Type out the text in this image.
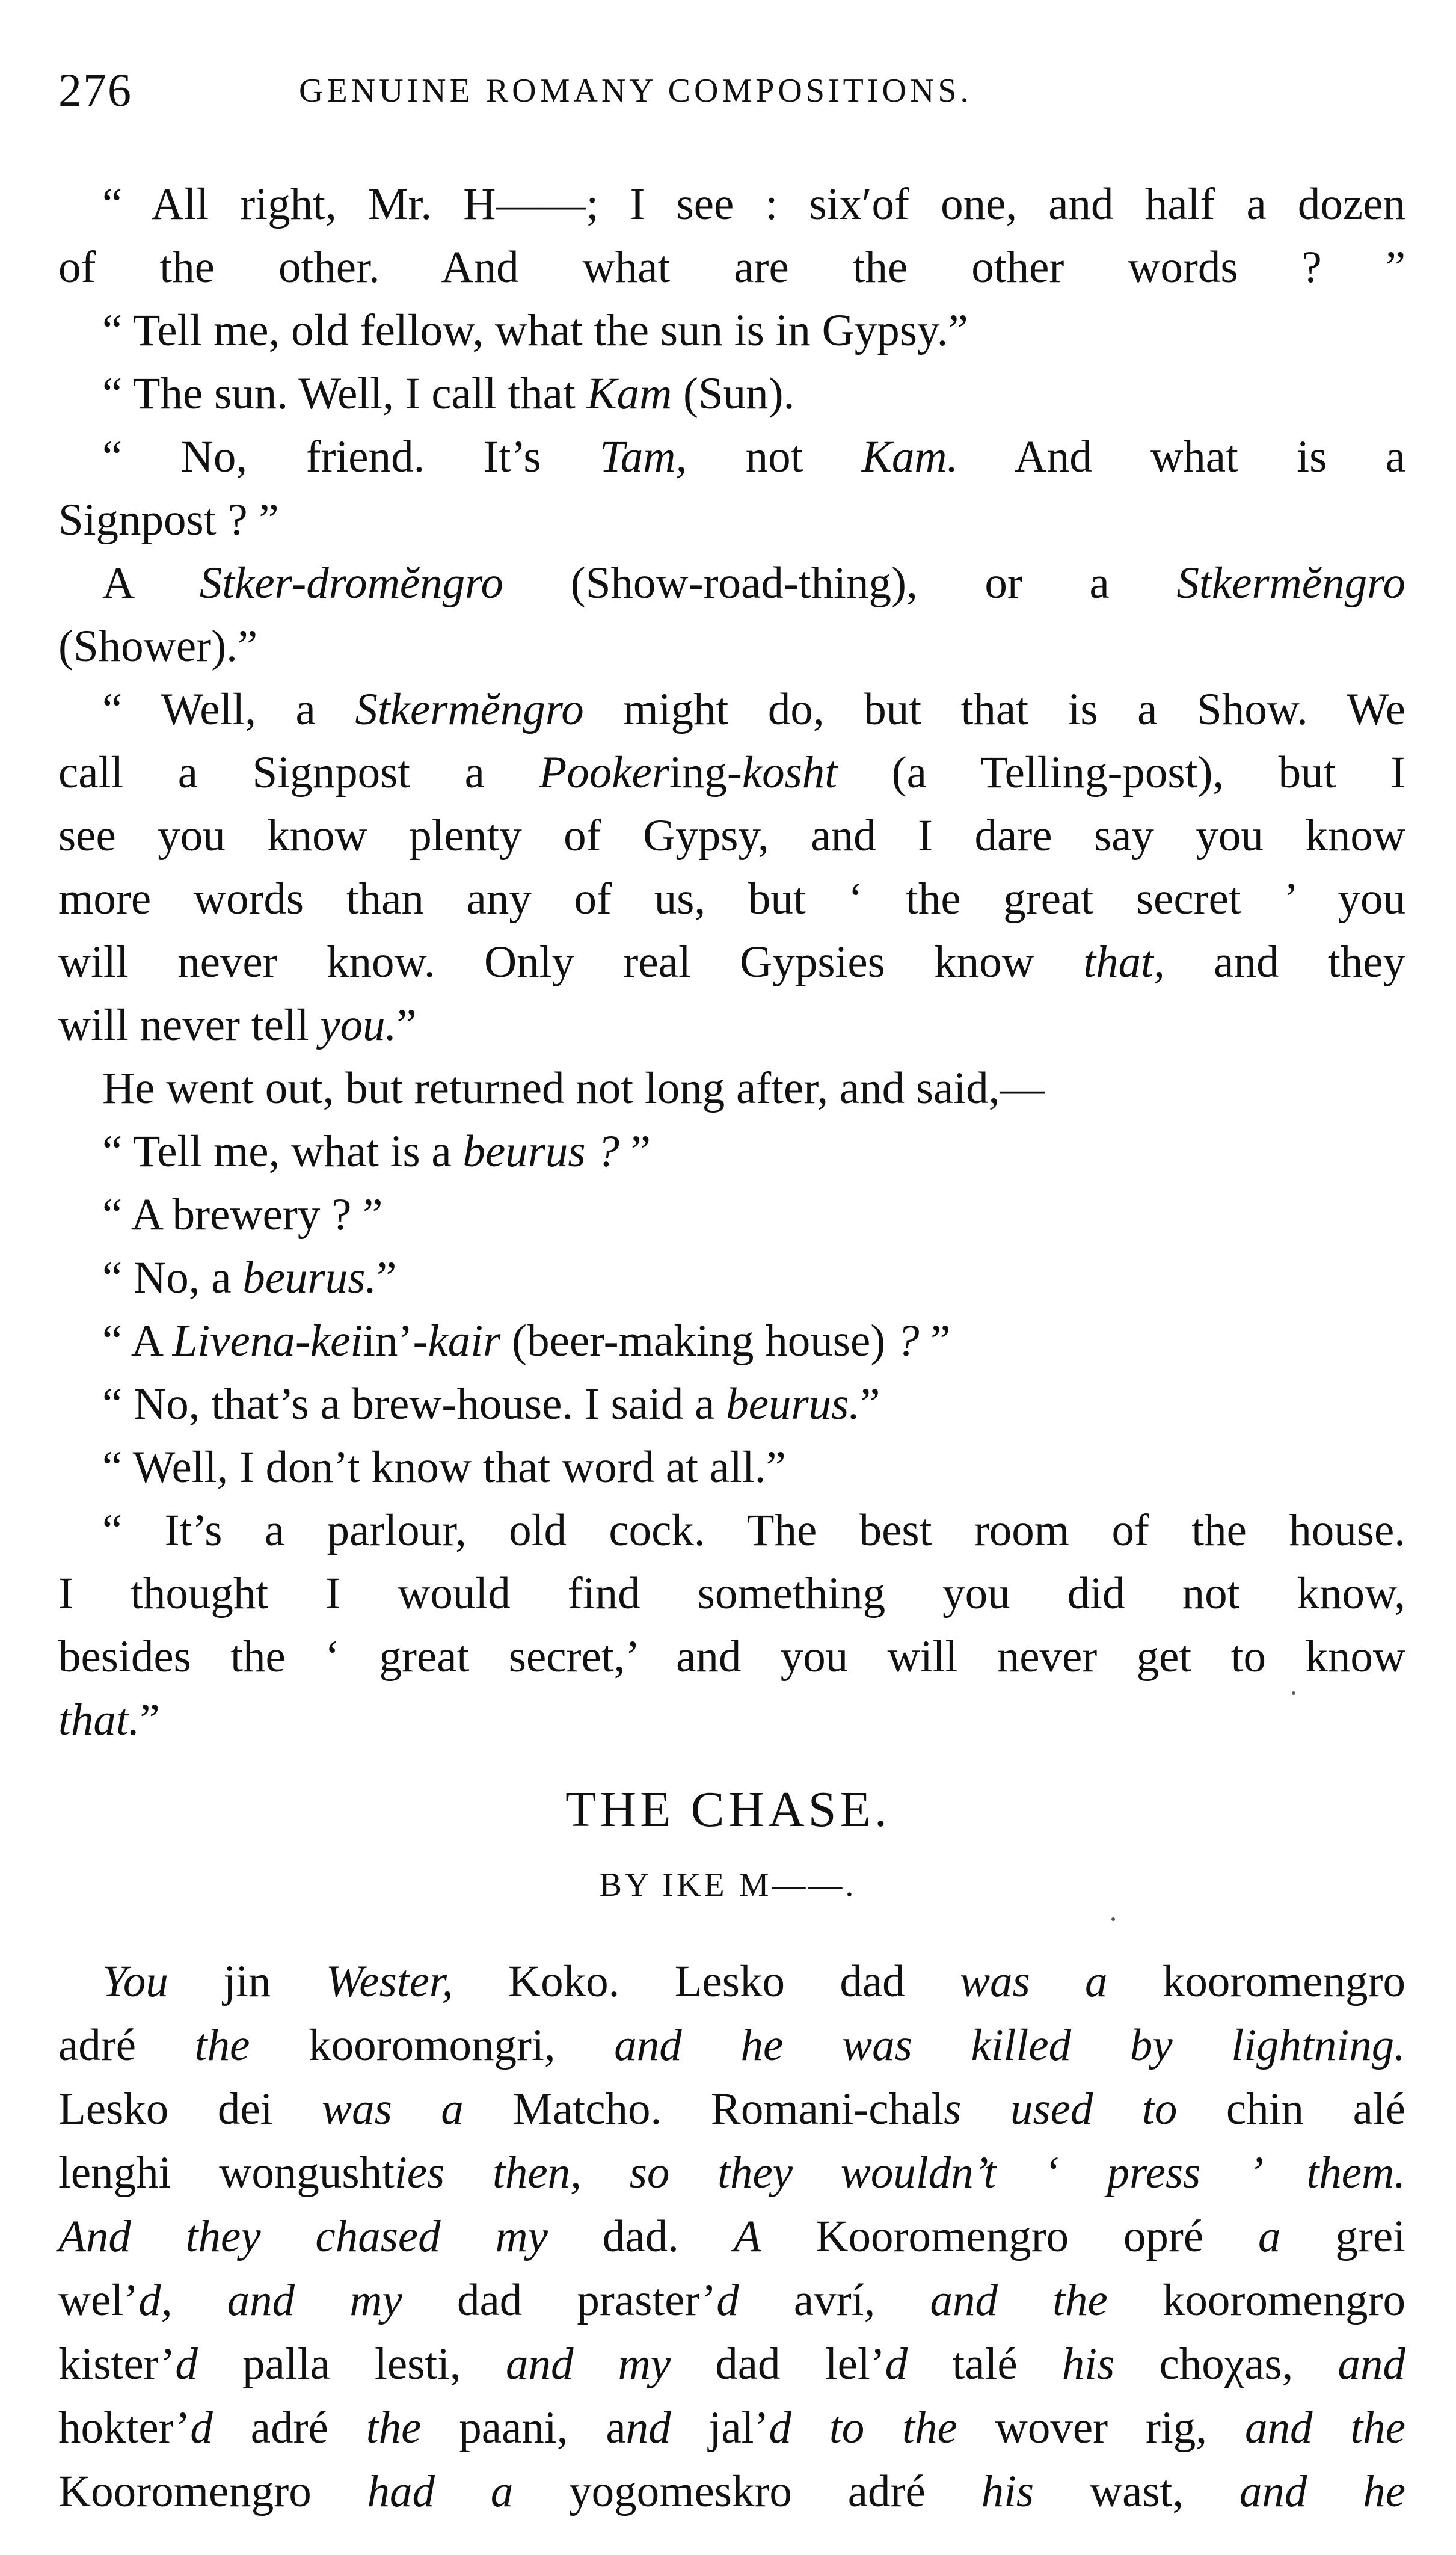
276	GENUINE ROMANY COMPOSITIONS.
“ All right, Mr. H——; I see : sixʹof one, and half a dozen
of the other. And what are the other words ? ”
“ Tell me, old fellow, what the sun is in Gypsy.”
“ The sun. Well, I call that Kam (Sun).
“ No, friend. It’s Tam, not Kam. And what is a
Signpost ? ”
A Stker-dromĕngro (Show-road-thing), or a Stkermĕngro
(Shower).”
“ Well, a Stkermĕngro might do, but that is a Show. We
call a Signpost a Pookering-kosht (a Telling-post), but I
see you know plenty of Gypsy, and I dare say you know
more words than any of us, but ‘ the great secret ’ you
will never know. Only real Gypsies know that, and they
will never tell you.”
He went out, but returned not long after, and said,—
“ Tell me, what is a beurus ? ”
“ A brewery ? ”
“ No, a beurus.”
“ A Livena-keiin’-kair (beer-making house) ? ”
“ No, that’s a brew-house. I said a beurus.”
“ Well, I don’t know that word at all.”
“ It’s a parlour, old cock. The best room of the house.
I thought I would find something you did not know,
besides the ‘ great secret,’ and you will never get to know
that.”
THE CHASE.
BY IKE M——.
You jin Wester, Koko. Lesko dad was a kooromengro
adré the kooromongri, and he was killed by lightning.
Lesko dei was a Matcho. Romani-chals used to chin alé
lenghi wongushties then, so they wouldn’t ‘ press ’ them.
And they chased my dad. A Kooromengro opré a grei
wel’d, and my dad praster’d avrí, and the kooromengro
kister’d palla lesti, and my dad lel’d talé his choχas, and
hokter’d adré the paani, and jal’d to the wover rig, and the
Kooromengro had a yogomeskro adré his wast, and he
